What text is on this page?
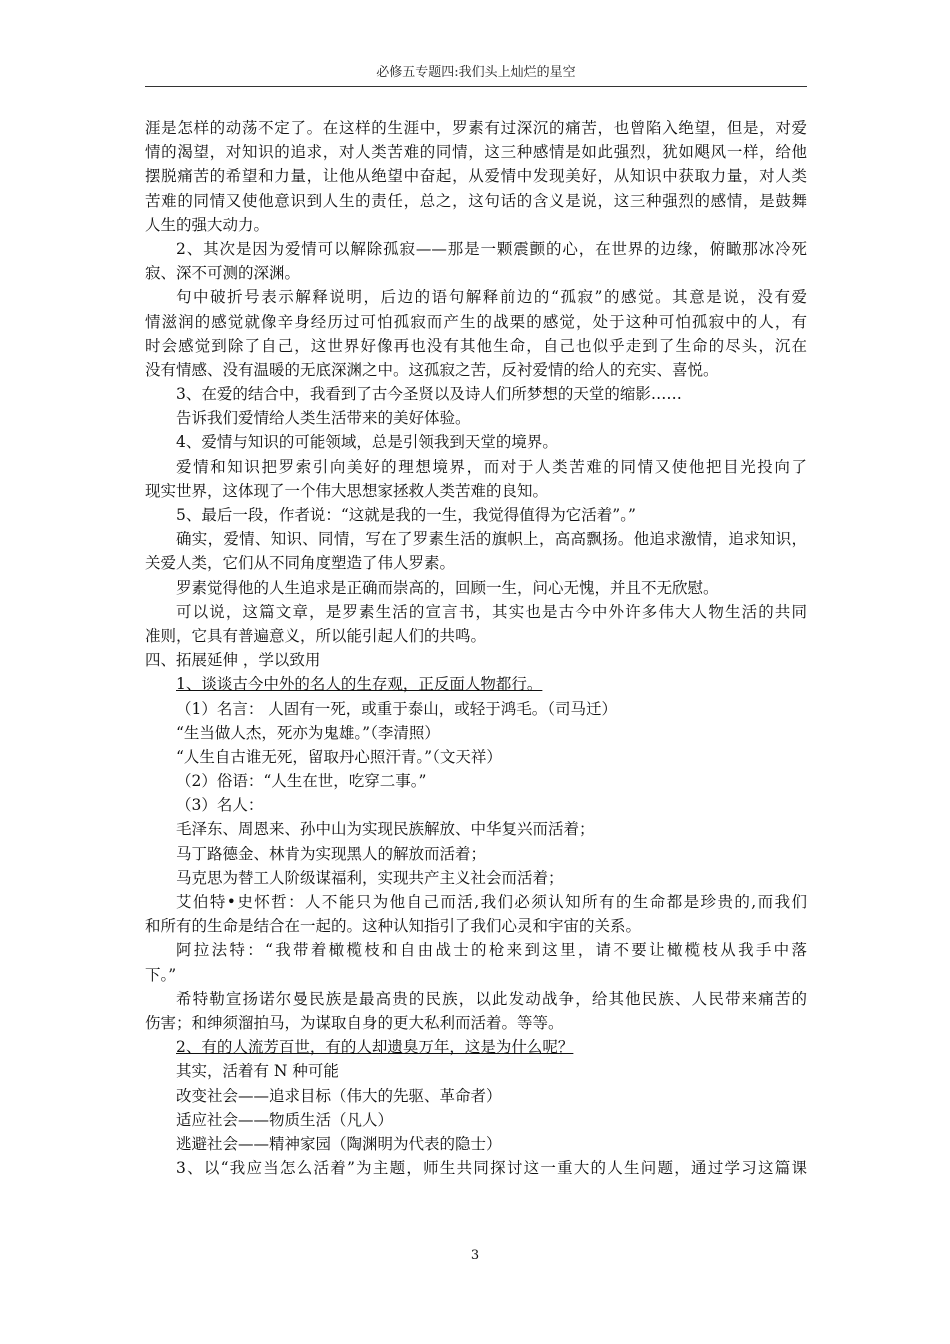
必修五专题四:我们头上灿烂的星空
涯是怎样的动荡不定了。在这样的生涯中，罗素有过深沉的痛苦，也曾陷入绝望，但是，对爱
情的渴望，对知识的追求，对人类苦难的同情，这三种感情是如此强烈，犹如飓风一样，给他
摆脱痛苦的希望和力量，让他从绝望中奋起，从爱情中发现美好，从知识中获取力量，对人类
苦难的同情又使他意识到人生的责任，总之，这句话的含义是说，这三种强烈的感情，是鼓舞
人生的强大动力。
2、其次是因为爱情可以解除孤寂——那是一颗震颤的心，在世界的边缘，俯瞰那冰冷死
寂、深不可测的深渊。
句中破折号表示解释说明，后边的语句解释前边的“孤寂”的感觉。其意是说，没有爱
情滋润的感觉就像辛身经历过可怕孤寂而产生的战栗的感觉，处于这种可怕孤寂中的人，有
时会感觉到除了自己，这世界好像再也没有其他生命，自己也似乎走到了生命的尽头，沉在
没有情感、没有温暖的无底深渊之中。这孤寂之苦，反衬爱情的给人的充实、喜悦。
3、在爱的结合中，我看到了古今圣贤以及诗人们所梦想的天堂的缩影……
告诉我们爱情给人类生活带来的美好体验。
4、爱情与知识的可能领域，总是引领我到天堂的境界。
爱情和知识把罗索引向美好的理想境界，而对于人类苦难的同情又使他把目光投向了
现实世界，这体现了一个伟大思想家拯救人类苦难的良知。
5、最后一段，作者说：“这就是我的一生，我觉得值得为它活着”。”
确实，爱情、知识、同情，写在了罗素生活的旗帜上，高高飘扬。他追求激情，追求知识，
关爱人类，它们从不同角度塑造了伟人罗素。
罗素觉得他的人生追求是正确而崇高的，回顾一生，问心无愧，并且不无欣慰。
可以说，这篇文章，是罗素生活的宣言书，其实也是古今中外许多伟大人物生活的共同
准则，它具有普遍意义，所以能引起人们的共鸣。
四、拓展延伸 ，学以致用
1、谈谈古今中外的名人的生存观，正反面人物都行。
（1）名言： 人固有一死，或重于泰山，或轻于鸿毛。（司马迁）
“生当做人杰，死亦为鬼雄。”（李清照）
“人生自古谁无死，留取丹心照汗青。”（文天祥）
（2）俗语：“人生在世，吃穿二事。”
（3）名人：
毛泽东、周恩来、孙中山为实现民族解放、中华复兴而活着；
马丁路德金、林肯为实现黑人的解放而活着；
马克思为替工人阶级谋福利，实现共产主义社会而活着；
艾伯特•史怀哲：人不能只为他自己而活,我们必须认知所有的生命都是珍贵的,而我们
和所有的生命是结合在一起的。这种认知指引了我们心灵和宇宙的关系。
阿拉法特：“我带着橄榄枝和自由战士的枪来到这里，请不要让橄榄枝从我手中落
下。”
希特勒宣扬诺尔曼民族是最高贵的民族，以此发动战争，给其他民族、人民带来痛苦的
伤害；和绅须溜拍马，为谋取自身的更大私利而活着。等等。
2、有的人流芳百世，有的人却遗臭万年，这是为什么呢？
其实，活着有 N 种可能
改变社会——追求目标（伟大的先驱、革命者）
适应社会——物质生活（凡人）
逃避社会——精神家园（陶渊明为代表的隐士）
3、以“我应当怎么活着”为主题，师生共同探讨这一重大的人生问题，通过学习这篇课
3
